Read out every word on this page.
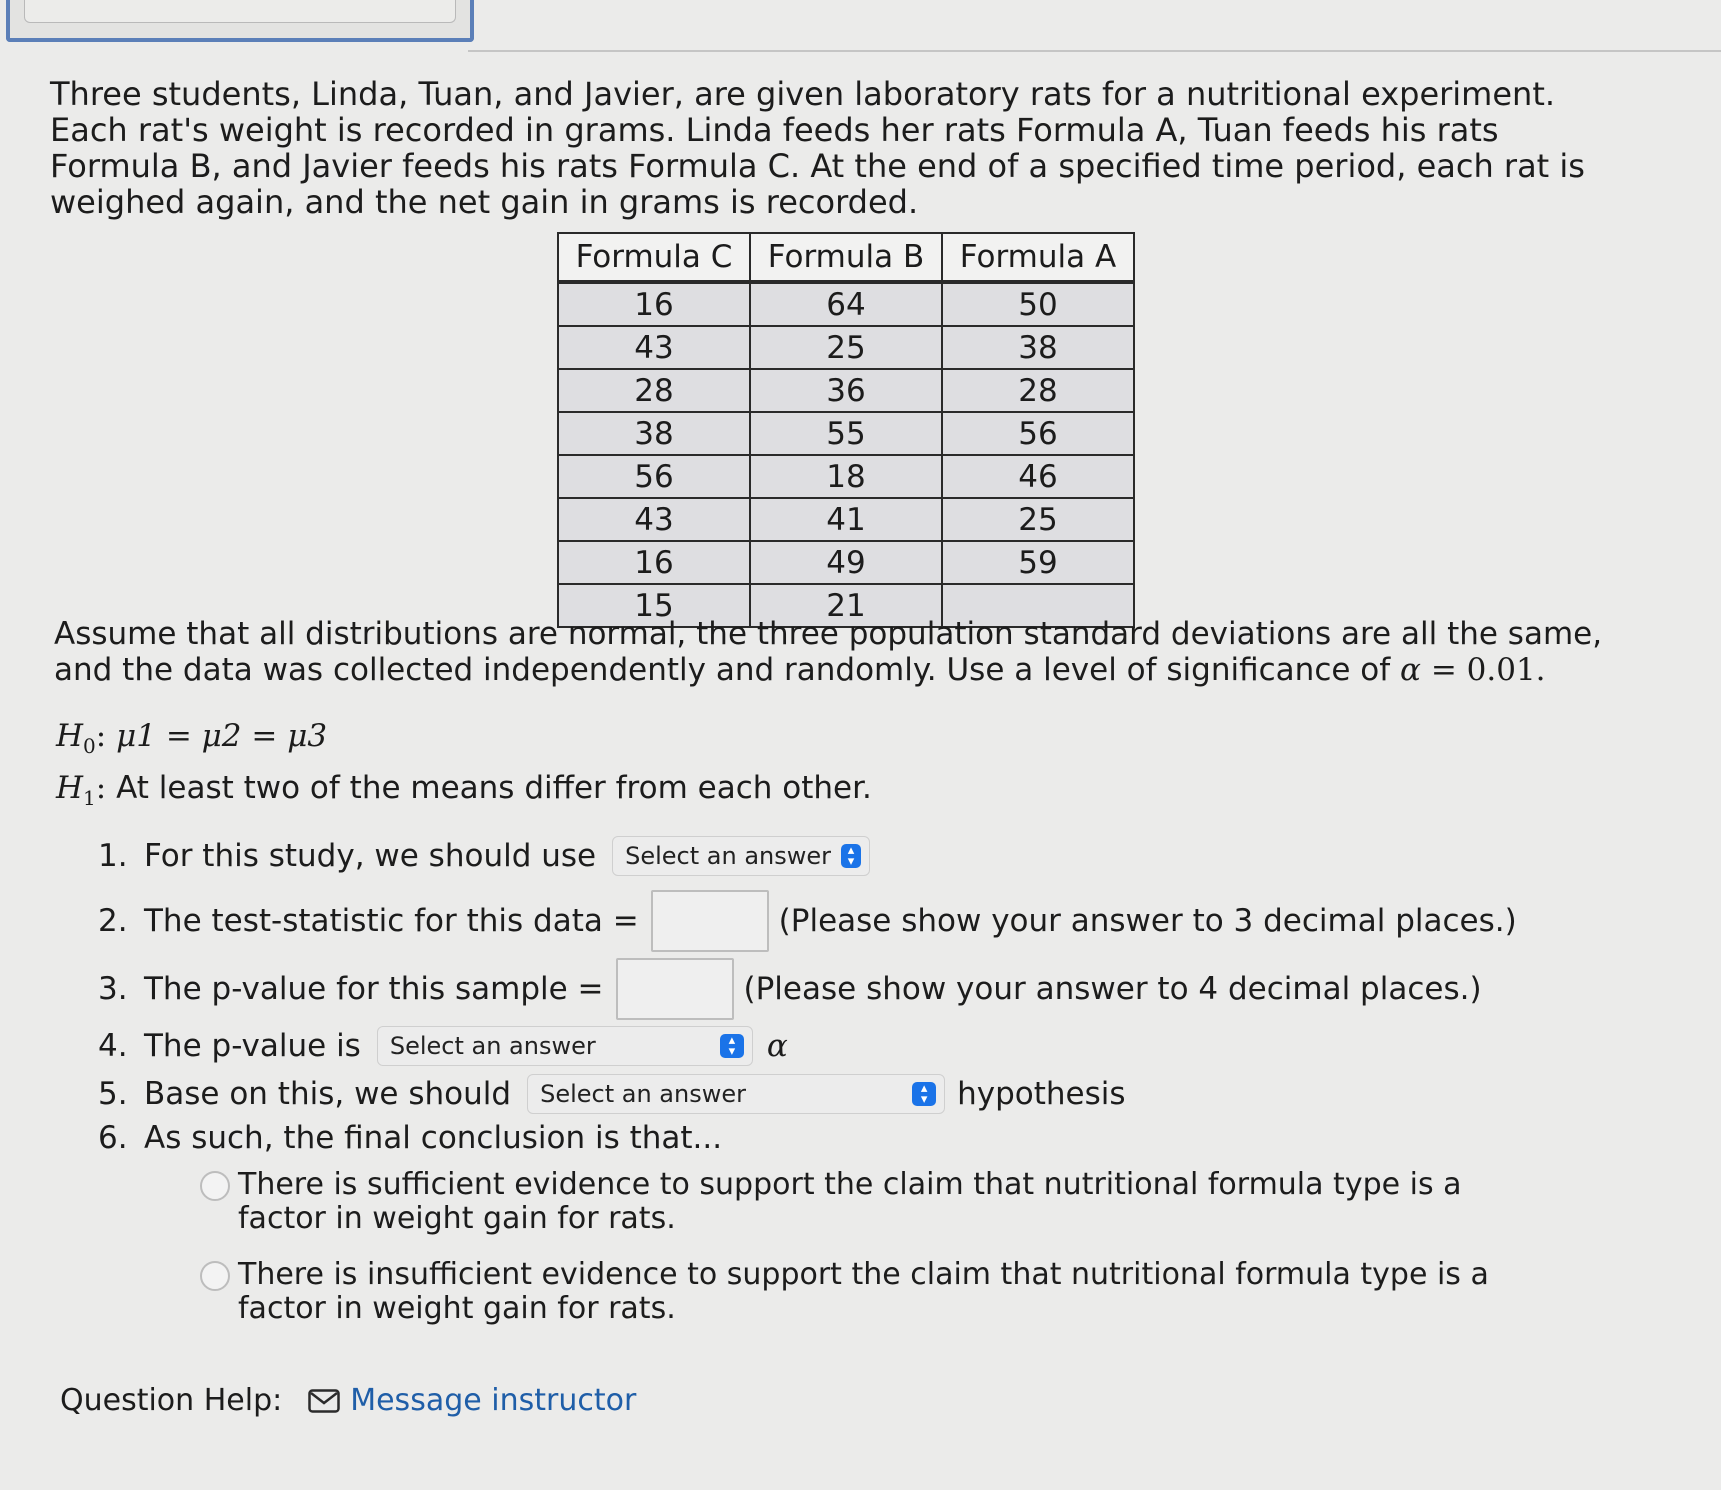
Three students, Linda, Tuan, and Javier, are given laboratory rats for a nutritional experiment. Each rat's weight is recorded in grams. Linda feeds her rats Formula A, Tuan feeds his rats Formula B, and Javier feeds his rats Formula C. At the end of a specified time period, each rat is weighed again, and the net gain in grams is recorded.

Formula C	Formula B	Formula A
16	64	50
43	25	38
28	36	28
38	55	56
56	18	46
43	41	25
16	49	59
15	21	

Assume that all distributions are normal, the three population standard deviations are all the same, and the data was collected independently and randomly. Use a level of significance of α = 0.01.

$H_0$: μ1 = μ2 = μ3
$H_1$: At least two of the means differ from each other.
1. For this study, we should use Select an answer	▴
▾
2. The test-statistic for this data =	(Please show your answer to 3 decimal places.)
3. The p-value for this sample =	(Please show your answer to 4 decimal places.)
4. The p-value is Select an answer	▴
▾ α
5. Base on this, we should Select an answer	▴
▾ hypothesis
6. As such, the final conclusion is that...
There is sufficient evidence to support the claim that nutritional formula type is a factor in weight gain for rats.
There is insufficient evidence to support the claim that nutritional formula type is a factor in weight gain for rats.
Question Help: Message instructor
